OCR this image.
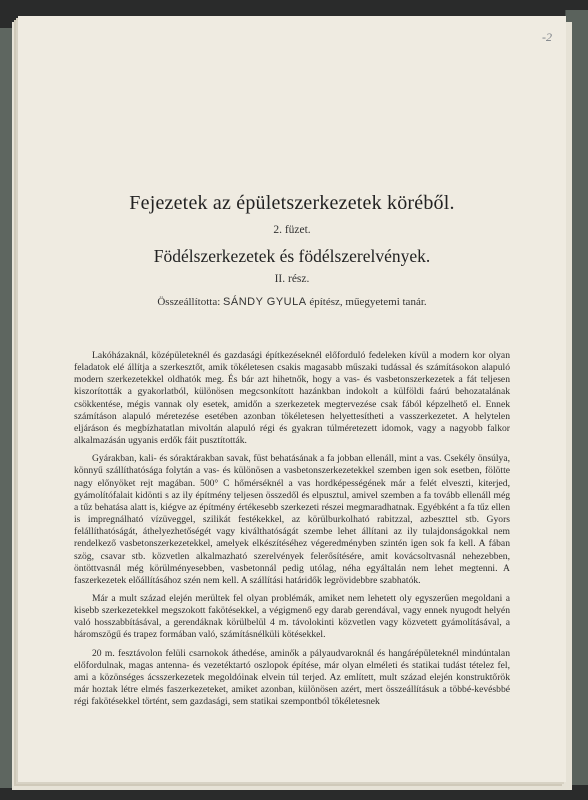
-2
Fejezetek az épületszerkezetek köréből.
2. füzet.
Födélszerkezetek és födélszerelvények.
II. rész.
Összeállította: SÁNDY GYULA építész, műegyetemi tanár.

Lakóházaknál, középületeknél és gazdasági építkezéseknél előforduló fedeleken kívül a modern kor olyan feladatok elé állítja a szerkesztőt, amik tökéletesen csakis magasabb műszaki tudással és számításokon alapuló modern szerkezetekkel oldhatók meg. És bár azt hihetnők, hogy a vas- és vasbetonszerkezetek a fát teljesen kiszorították a gyakorlatból, különösen megcsonkított hazánkban indokolt a külföldi faárú behozatalának csökkentése, mégis vannak oly esetek, amidőn a szerkezetek megtervezése csak fából képzelhető el. Ennek számításon alapuló méretezése esetében azonban tökéletesen helyettesítheti a vasszerkezetet. A helytelen eljáráson és megbízhatatlan mivoltán alapuló régi és gyakran túlméretezett idomok, vagy a nagyobb falkor alkalmazásán ugyanis erdők fáit pusztították.

Gyárakban, kali- és sóraktárakban savak, füst behatásának a fa jobban ellenáll, mint a vas. Csekély önsúlya, könnyű szállíthatósága folytán a vas- és különösen a vasbetonszerkezetekkel szemben igen sok esetben, fölötte nagy előnyöket rejt magában. 500° C hőmérséknél a vas hordképességének már a felét elveszti, kiterjed, gyámolítófalait kidönti s az ily építmény teljesen összedől és elpusztul, amivel szemben a fa tovább ellenáll még a tűz behatása alatt is, kiégve az építmény értékesebb szerkezeti részei megmaradhatnak. Egyébként a fa tűz ellen is impregnálható vízüveggel, szilikát festékekkel, az körülburkolható rabitzzal, azbeszttel stb. Gyors felállíthatóságát, áthelyezhetőségét vagy kiválthatóságát szembe lehet állítani az ily tulajdonságokkal nem rendelkező vasbetonszerkezetekkel, amelyek elkészítéséhez végeredményben szintén igen sok fa kell. A fában szög, csavar stb. közvetlen alkalmazható szerelvények felerősítésére, amit kovácsoltvasnál nehezebben, öntöttvasnál még körülményesebben, vasbetonnál pedig utólag, néha egyáltalán nem lehet megtenni. A faszerkezetek előállításához szén nem kell. A szállítási határidők legrövidebbre szabhatók.

Már a mult század elején merültek fel olyan problémák, amiket nem lehetett oly egyszerűen megoldani a kisebb szerkezetekkel megszokott fakötésekkel, a végigmenő egy darab gerendával, vagy ennek nyugodt helyén való hosszabbításával, a gerendáknak körülbelül 4 m. távolokinti közvetlen vagy közvetett gyámolításával, a háromszögű és trapez formában való, számításnélküli kötésekkel.

20 m. fesztávolon felüli csarnokok áthedése, aminők a pályaudvaroknál és hangárépületeknél mindúntalan előfordulnak, magas antenna- és vezetéktartó oszlopok építése, már olyan elméleti és statikai tudást tételez fel, ami a közönséges ácsszerkezetek megoldóinak elvein túl terjed. Az említett, mult század elején konstruktőrök már hoztak létre elmés faszerkezeteket, amiket azonban, különösen azért, mert összeállításuk a többé-kevésbbé régi fakötésekkel történt, sem gazdasági, sem statikai szempontból tökéletesnek
